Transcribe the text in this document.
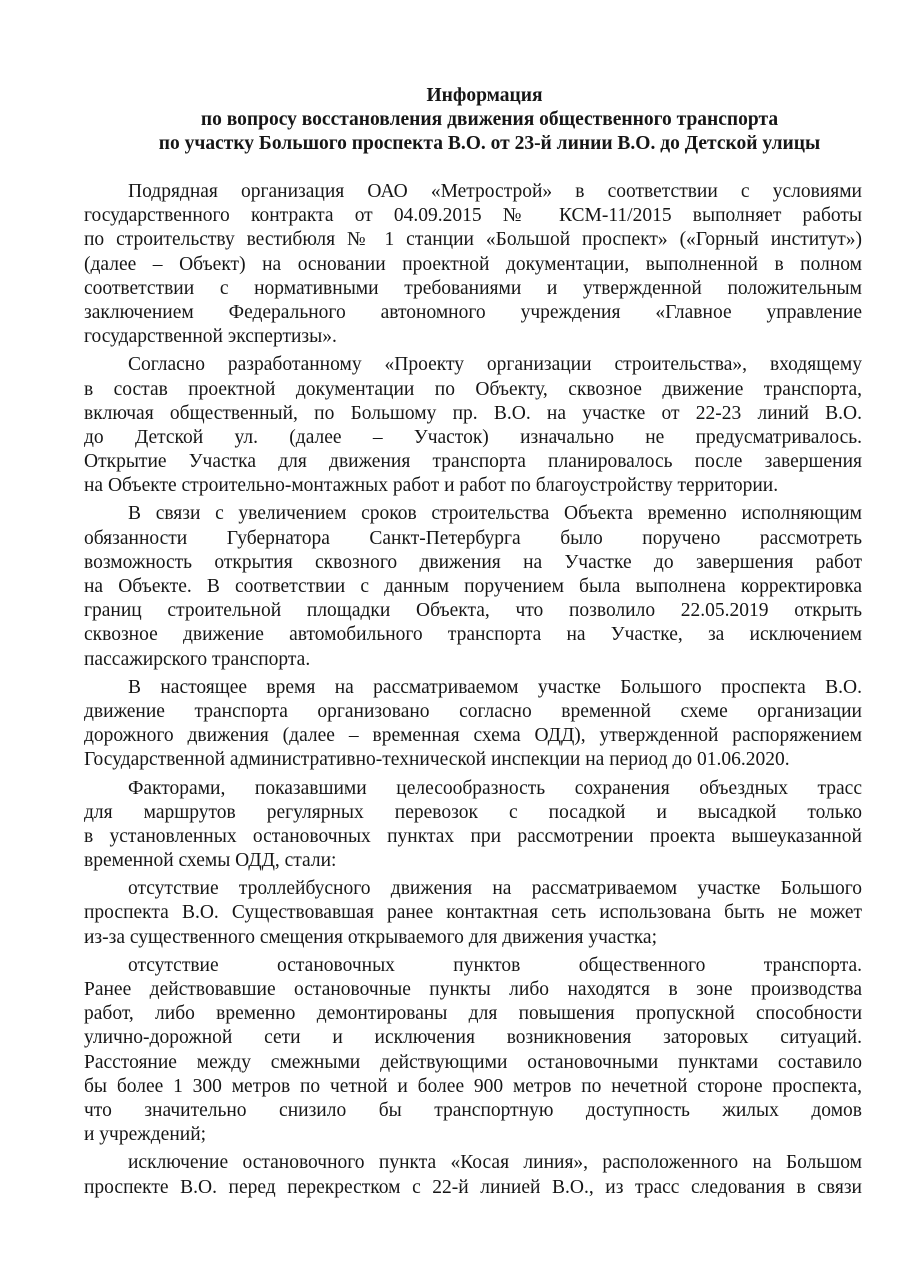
Информация
по вопросу восстановления движения общественного транспорта
по участку Большого проспекта В.О. от 23-й линии В.О. до Детской улицы
Подрядная организация ОАО «Метрострой» в соответствии с условиями
государственного контракта от 04.09.2015 № КСМ-11/2015 выполняет работы
по строительству вестибюля № 1 станции «Большой проспект» («Горный институт»)
(далее – Объект) на основании проектной документации, выполненной в полном
соответствии с нормативными требованиями и утвержденной положительным
заключением Федерального автономного учреждения «Главное управление
государственной экспертизы».
Согласно разработанному «Проекту организации строительства», входящему
в состав проектной документации по Объекту, сквозное движение транспорта,
включая общественный, по Большому пр. В.О. на участке от 22-23 линий В.О.
до Детской ул. (далее – Участок) изначально не предусматривалось.
Открытие Участка для движения транспорта планировалось после завершения
на Объекте строительно-монтажных работ и работ по благоустройству территории.
В связи с увеличением сроков строительства Объекта временно исполняющим
обязанности Губернатора Санкт-Петербурга было поручено рассмотреть
возможность открытия сквозного движения на Участке до завершения работ
на Объекте. В соответствии с данным поручением была выполнена корректировка
границ строительной площадки Объекта, что позволило 22.05.2019 открыть
сквозное движение автомобильного транспорта на Участке, за исключением
пассажирского транспорта.
В настоящее время на рассматриваемом участке Большого проспекта В.О.
движение транспорта организовано согласно временной схеме организации
дорожного движения (далее – временная схема ОДД), утвержденной распоряжением
Государственной административно-технической инспекции на период до 01.06.2020.
Факторами, показавшими целесообразность сохранения объездных трасс
для маршрутов регулярных перевозок с посадкой и высадкой только
в установленных остановочных пунктах при рассмотрении проекта вышеуказанной
временной схемы ОДД, стали:
отсутствие троллейбусного движения на рассматриваемом участке Большого
проспекта В.О. Существовавшая ранее контактная сеть использована быть не может
из-за существенного смещения открываемого для движения участка;
отсутствие остановочных пунктов общественного транспорта.
Ранее действовавшие остановочные пункты либо находятся в зоне производства
работ, либо временно демонтированы для повышения пропускной способности
улично-дорожной сети и исключения возникновения заторовых ситуаций.
Расстояние между смежными действующими остановочными пунктами составило
бы более 1 300 метров по четной и более 900 метров по нечетной стороне проспекта,
что значительно снизило бы транспортную доступность жилых домов
и учреждений;
исключение остановочного пункта «Косая линия», расположенного на Большом
проспекте В.О. перед перекрестком с 22-й линией В.О., из трасс следования в связи
